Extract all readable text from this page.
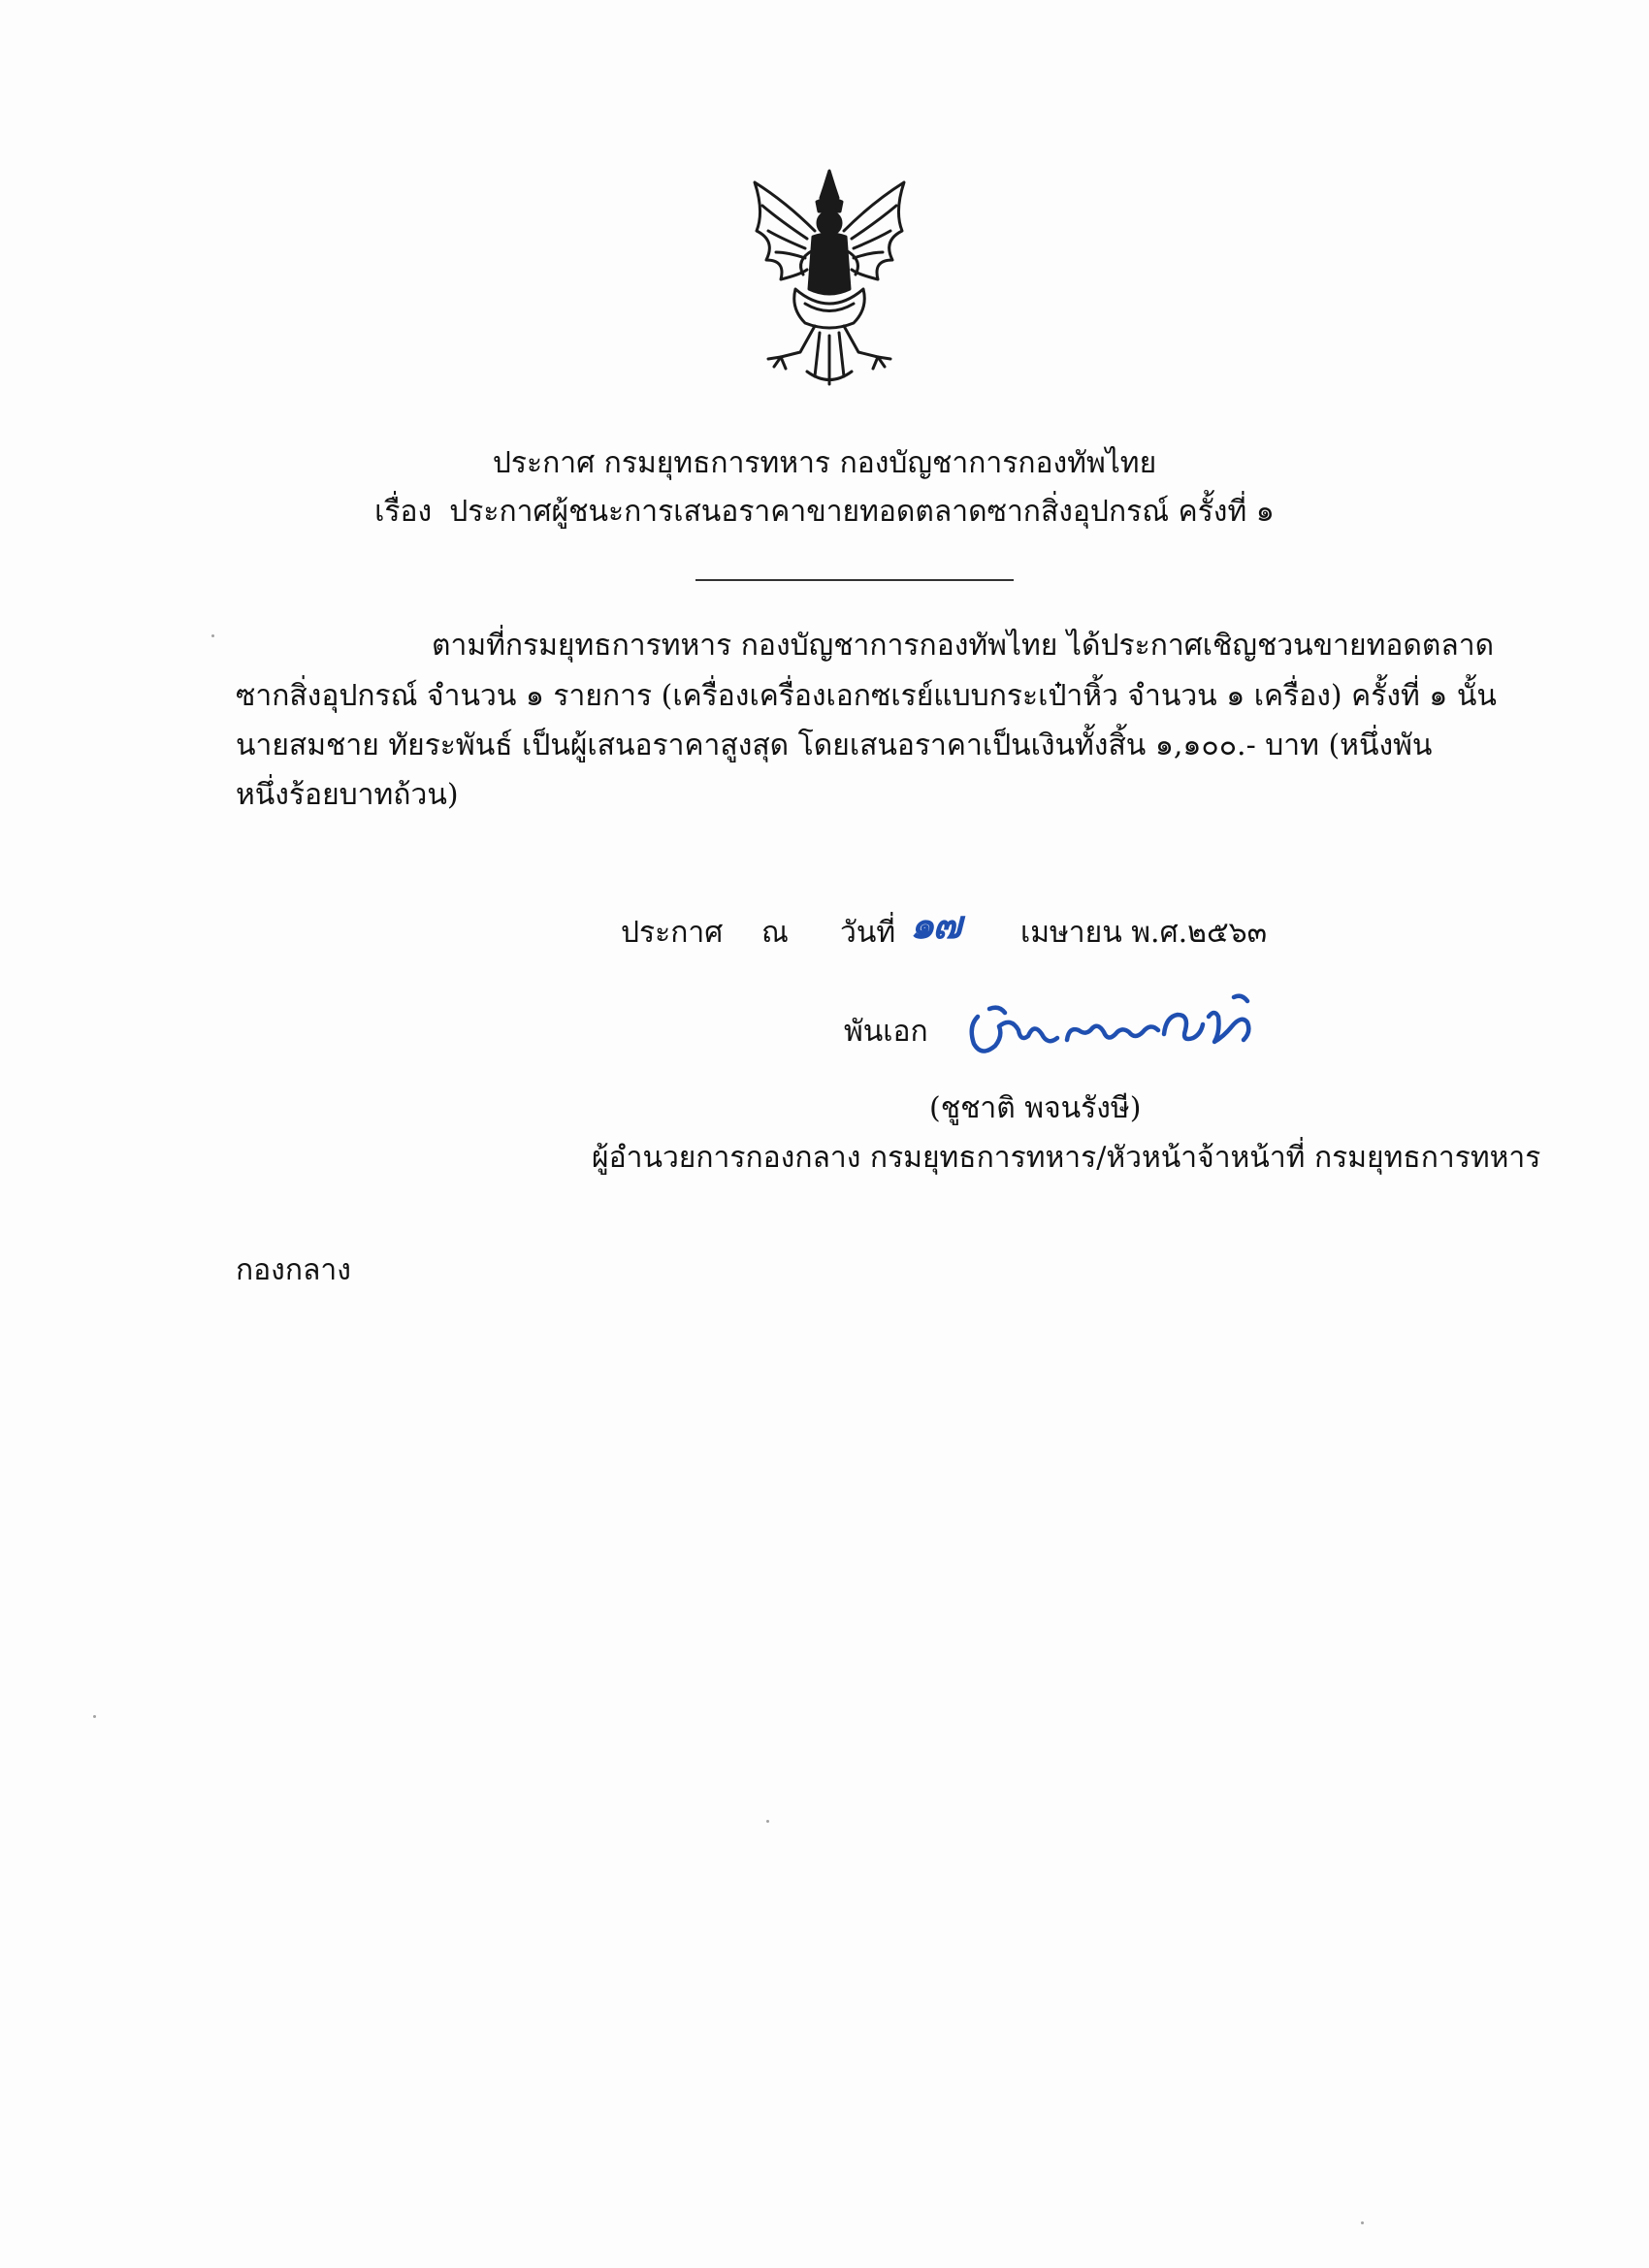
ประกาศ กรมยุทธการทหาร กองบัญชาการกองทัพไทย
เรื่อง ประกาศผู้ชนะการเสนอราคาขายทอดตลาดซากสิ่งอุปกรณ์ ครั้งที่ ๑
ตามที่กรมยุทธการทหาร กองบัญชาการกองทัพไทย ได้ประกาศเชิญชวนขายทอดตลาด
ซากสิ่งอุปกรณ์ จำนวน ๑ รายการ (เครื่องเครื่องเอกซเรย์แบบกระเป๋าหิ้ว จำนวน ๑ เครื่อง) ครั้งที่ ๑ นั้น
นายสมชาย ทัยระพันธ์ เป็นผู้เสนอราคาสูงสุด โดยเสนอราคาเป็นเงินทั้งสิ้น ๑,๑๐๐.- บาท (หนึ่งพัน
หนึ่งร้อยบาทถ้วน)
ประกาศ ณ วันที่ ๑๗ เมษายน พ.ศ.๒๕๖๓
พันเอก
(ชูชาติ พจนรังษี)
ผู้อำนวยการกองกลาง กรมยุทธการทหาร/หัวหน้าจ้าหน้าที่ กรมยุทธการทหาร
กองกลาง
